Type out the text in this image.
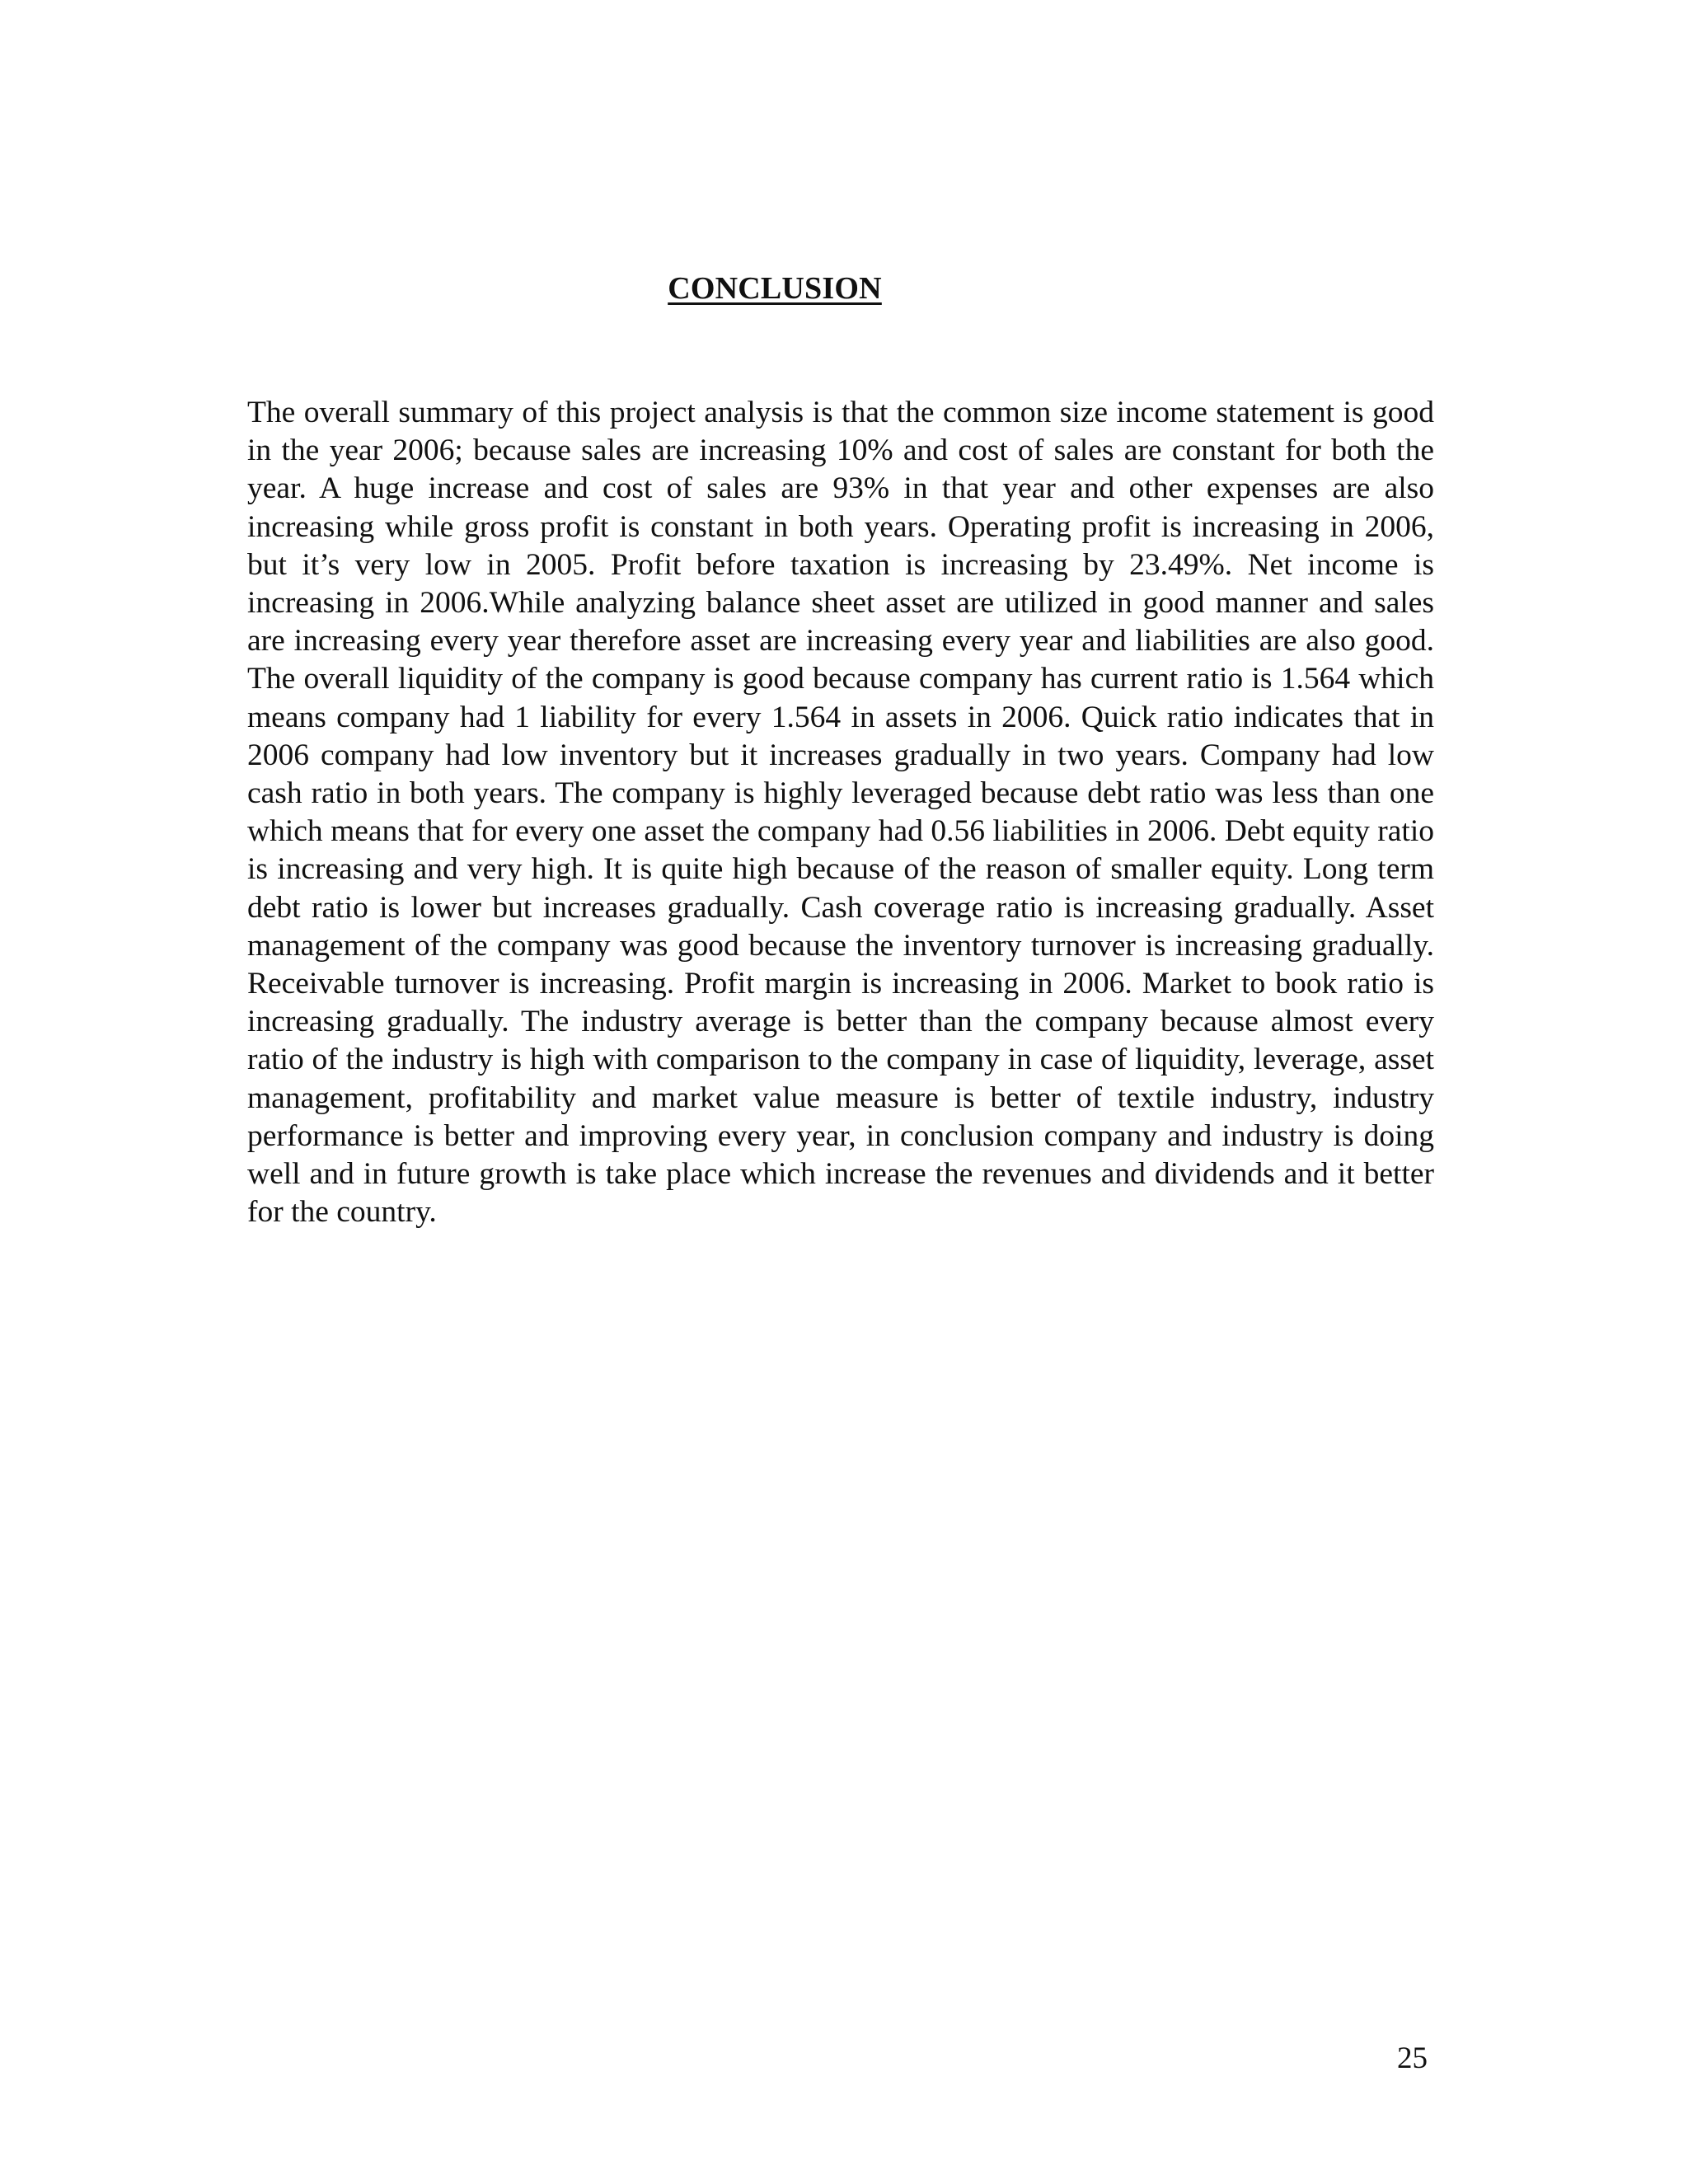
CONCLUSION

The overall summary of this project analysis is that the common size income statement is good in the year 2006; because sales are increasing 10% and cost of sales are constant for both the year. A huge increase and cost of sales are 93% in that year and other expenses are also increasing while gross profit is constant in both years. Operating profit is increasing in 2006, but it’s very low in 2005. Profit before taxation is increasing by 23.49%. Net income is increasing in 2006.While analyzing balance sheet asset are utilized in good manner and sales are increasing every year therefore asset are increasing every year and liabilities are also good. The overall liquidity of the company is good because company has current ratio is 1.564 which means company had 1 liability for every 1.564 in assets in 2006. Quick ratio indicates that in 2006 company had low inventory but it increases gradually in two years. Company had low cash ratio in both years. The company is highly leveraged because debt ratio was less than one which means that for every one asset the company had 0.56 liabilities in 2006. Debt equity ratio is increasing and very high. It is quite high because of the reason of smaller equity. Long term debt ratio is lower but increases gradually. Cash coverage ratio is increasing gradually. Asset management of the company was good because the inventory turnover is increasing gradually. Receivable turnover is increasing. Profit margin is increasing in 2006. Market to book ratio is increasing gradually. The industry average is better than the company because almost every ratio of the industry is high with comparison to the company in case of liquidity, leverage, asset management, profitability and market value measure is better of textile industry, industry performance is better and improving every year, in conclusion company and industry is doing well and in future growth is take place which increase the revenues and dividends and it better for the country.

25
